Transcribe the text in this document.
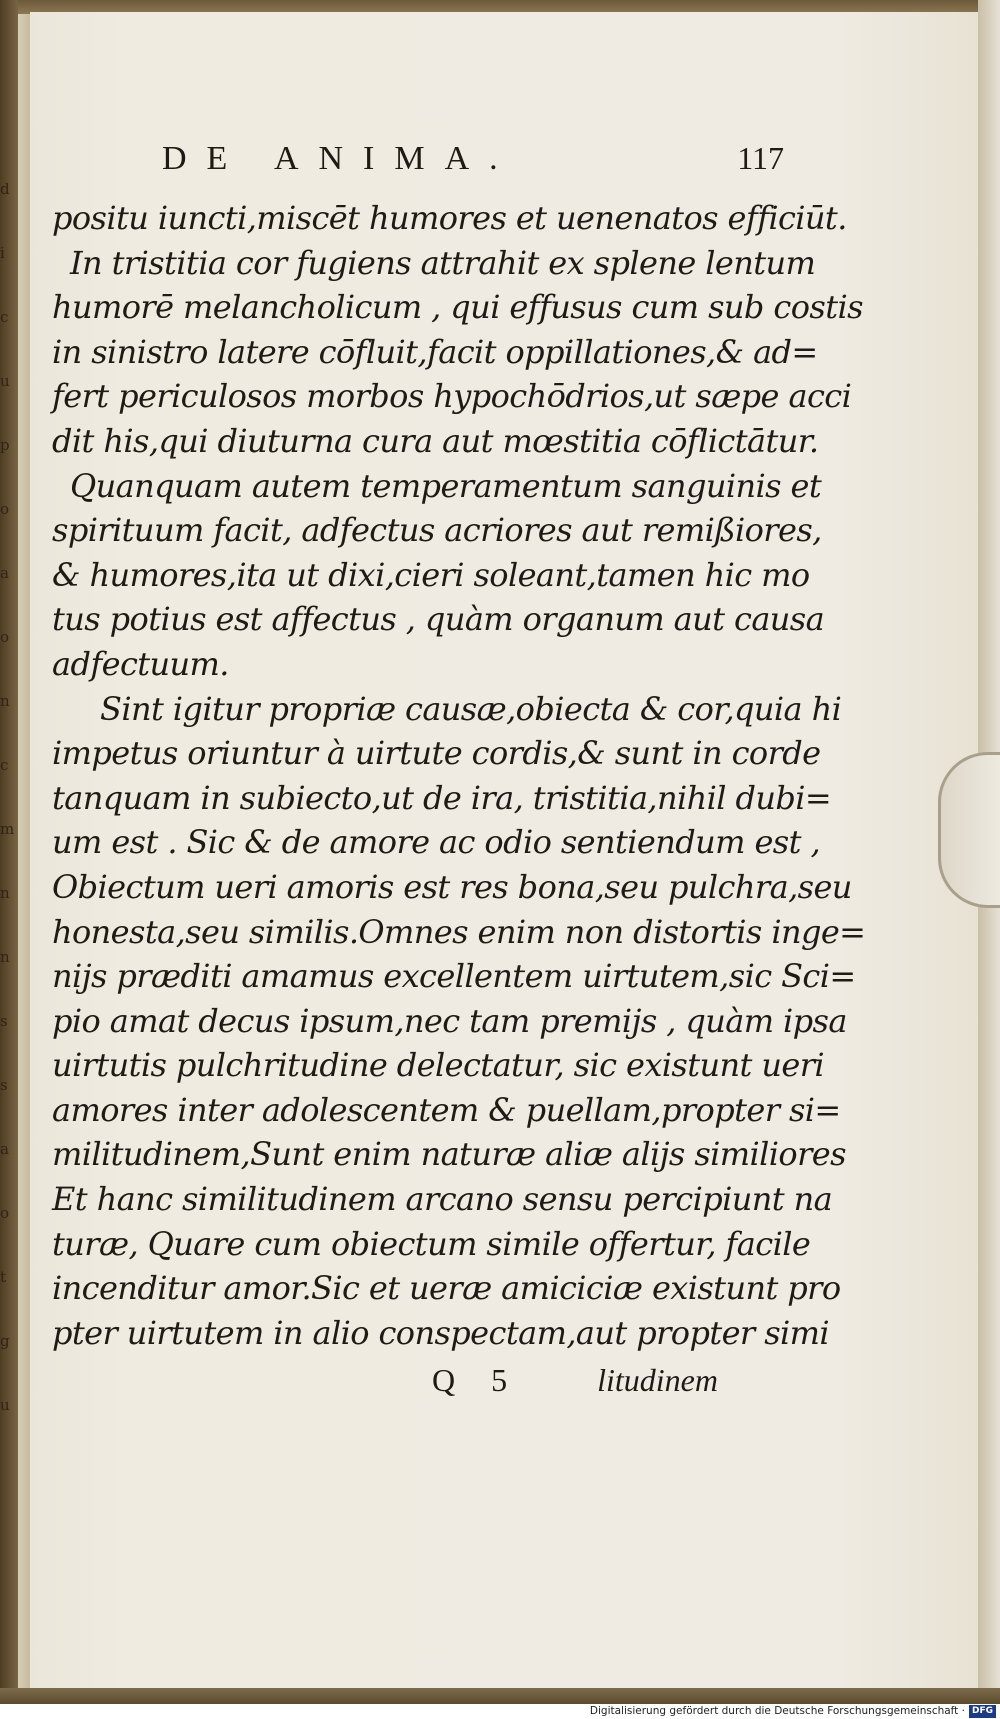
d
i
c
u
p
o
a
o
n
c
m
n
n
s
s
a
o
t
g
u
DE ANIMA.	117
positu iuncti,miscēt humores et uenenatos efficiūt.
In tristitia cor fugiens attrahit ex splene lentum
humorē melancholicum , qui effusus cum sub costis
in sinistro latere cōfluit,facit oppillationes,& ad=
fert periculosos morbos hypochōdrios,ut sæpe acci
dit his,qui diuturna cura aut mœstitia cōflictātur.
Quanquam autem temperamentum sanguinis et
spirituum facit, adfectus acriores aut remißiores,
& humores,ita ut dixi,cieri soleant,tamen hic mo
tus potius est affectus , quàm organum aut causa
adfectuum.
Sint igitur propriæ causæ,obiecta & cor,quia hi
impetus oriuntur à uirtute cordis,& sunt in corde
tanquam in subiecto,ut de ira, tristitia,nihil dubi=
um est . Sic & de amore ac odio sentiendum est ,
Obiectum ueri amoris est res bona,seu pulchra,seu
honesta,seu similis.Omnes enim non distortis inge=
nijs præditi amamus excellentem uirtutem,sic Sci=
pio amat decus ipsum,nec tam premijs , quàm ipsa
uirtutis pulchritudine delectatur, sic existunt ueri
amores inter adolescentem & puellam,propter si=
militudinem,Sunt enim naturæ aliæ alijs similiores
Et hanc similitudinem arcano sensu percipiunt na
turæ, Quare cum obiectum simile offertur, facile
incenditur amor.Sic et ueræ amiciciæ existunt pro
pter uirtutem in alio conspectam,aut propter simi
Q 5 litudinem
Digitalisierung gefördert durch die Deutsche Forschungsgemeinschaft · DFG
